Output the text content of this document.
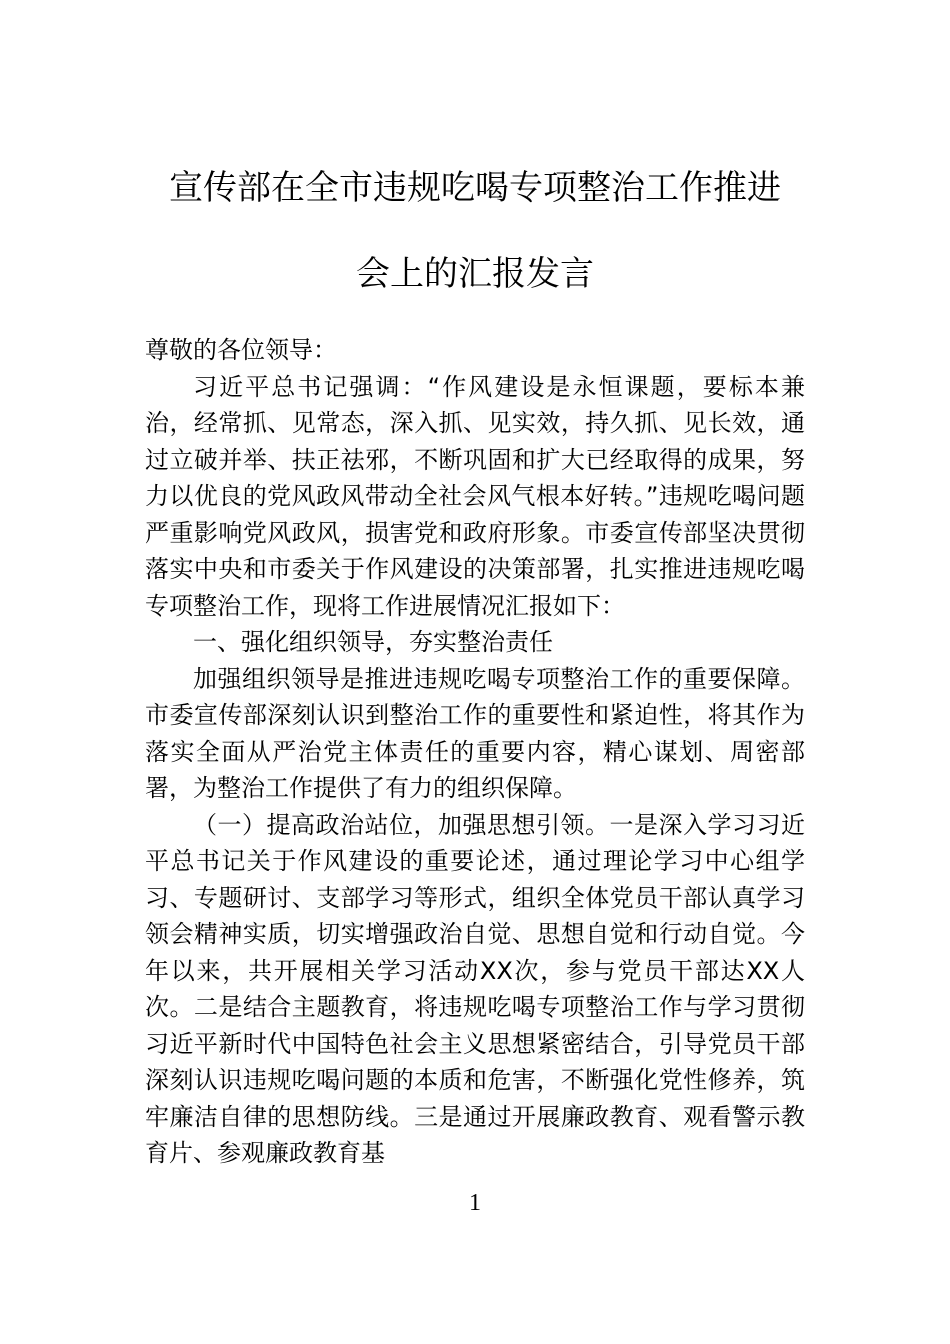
宣传部在全市违规吃喝专项整治工作推进
会上的汇报发言

尊敬的各位领导：

习近平总书记强调：“作风建设是永恒课题，要标本兼治，经常抓、见常态，深入抓、见实效，持久抓、见长效，通过立破并举、扶正祛邪，不断巩固和扩大已经取得的成果，努力以优良的党风政风带动全社会风气根本好转。”违规吃喝问题严重影响党风政风，损害党和政府形象。市委宣传部坚决贯彻落实中央和市委关于作风建设的决策部署，扎实推进违规吃喝专项整治工作，现将工作进展情况汇报如下：

一、强化组织领导，夯实整治责任

加强组织领导是推进违规吃喝专项整治工作的重要保障。市委宣传部深刻认识到整治工作的重要性和紧迫性，将其作为落实全面从严治党主体责任的重要内容，精心谋划、周密部署，为整治工作提供了有力的组织保障。

（一）提高政治站位，加强思想引领。一是深入学习习近平总书记关于作风建设的重要论述，通过理论学习中心组学习、专题研讨、支部学习等形式，组织全体党员干部认真学习领会精神实质，切实增强政治自觉、思想自觉和行动自觉。今年以来，共开展相关学习活动XX次，参与党员干部达XX人次。二是结合主题教育，将违规吃喝专项整治工作与学习贯彻习近平新时代中国特色社会主义思想紧密结合，引导党员干部深刻认识违规吃喝问题的本质和危害，不断强化党性修养，筑牢廉洁自律的思想防线。三是通过开展廉政教育、观看警示教育片、参观廉政教育基

1
